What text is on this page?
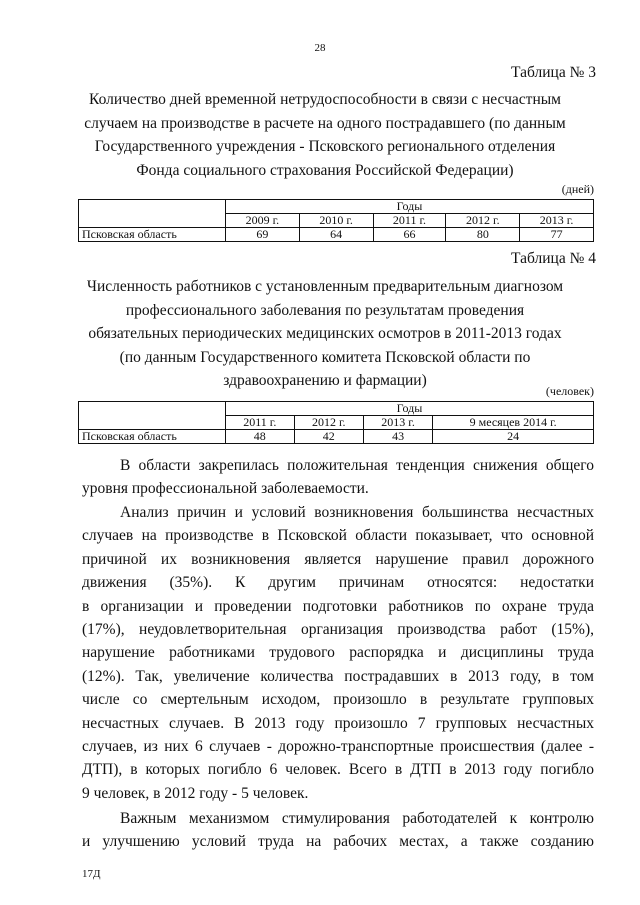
28
Таблица № 3
Количество дней временной нетрудоспособности в связи с несчастным
случаем на производстве в расчете на одного пострадавшего (по данным
Государственного учреждения - Псковского регионального отделения
Фонда социального страхования Российской Федерации)
(дней)
	Годы				
	2009 г.	2010 г.	2011 г.	2012 г.	2013 г.
Псковская область	69	64	66	80	77
Таблица № 4
Численность работников с установленным предварительным диагнозом
профессионального заболевания по результатам проведения
обязательных периодических медицинских осмотров в 2011-2013 годах
(по данным Государственного комитета Псковской области по
здравоохранению и фармации)
(человек)
	Годы			
	2011 г.	2012 г.	2013 г.	9 месяцев 2014 г.
Псковская область	48	42	43	24
В области закрепилась положительная тенденция снижения общего
уровня профессиональной заболеваемости.
Анализ причин и условий возникновения большинства несчастных
случаев на производстве в Псковской области показывает, что основной
причиной их возникновения является нарушение правил дорожного
движения (35%). К другим причинам относятся: недостатки
в организации и проведении подготовки работников по охране труда
(17%), неудовлетворительная организация производства работ (15%),
нарушение работниками трудового распорядка и дисциплины труда
(12%). Так, увеличение количества пострадавших в 2013 году, в том
числе со смертельным исходом, произошло в результате групповых
несчастных случаев. В 2013 году произошло 7 групповых несчастных
случаев, из них 6 случаев - дорожно-транспортные происшествия (далее -
ДТП), в которых погибло 6 человек. Всего в ДТП в 2013 году погибло
9 человек, в 2012 году - 5 человек.
Важным механизмом стимулирования работодателей к контролю
и улучшению условий труда на рабочих местах, а также созданию
17Д
